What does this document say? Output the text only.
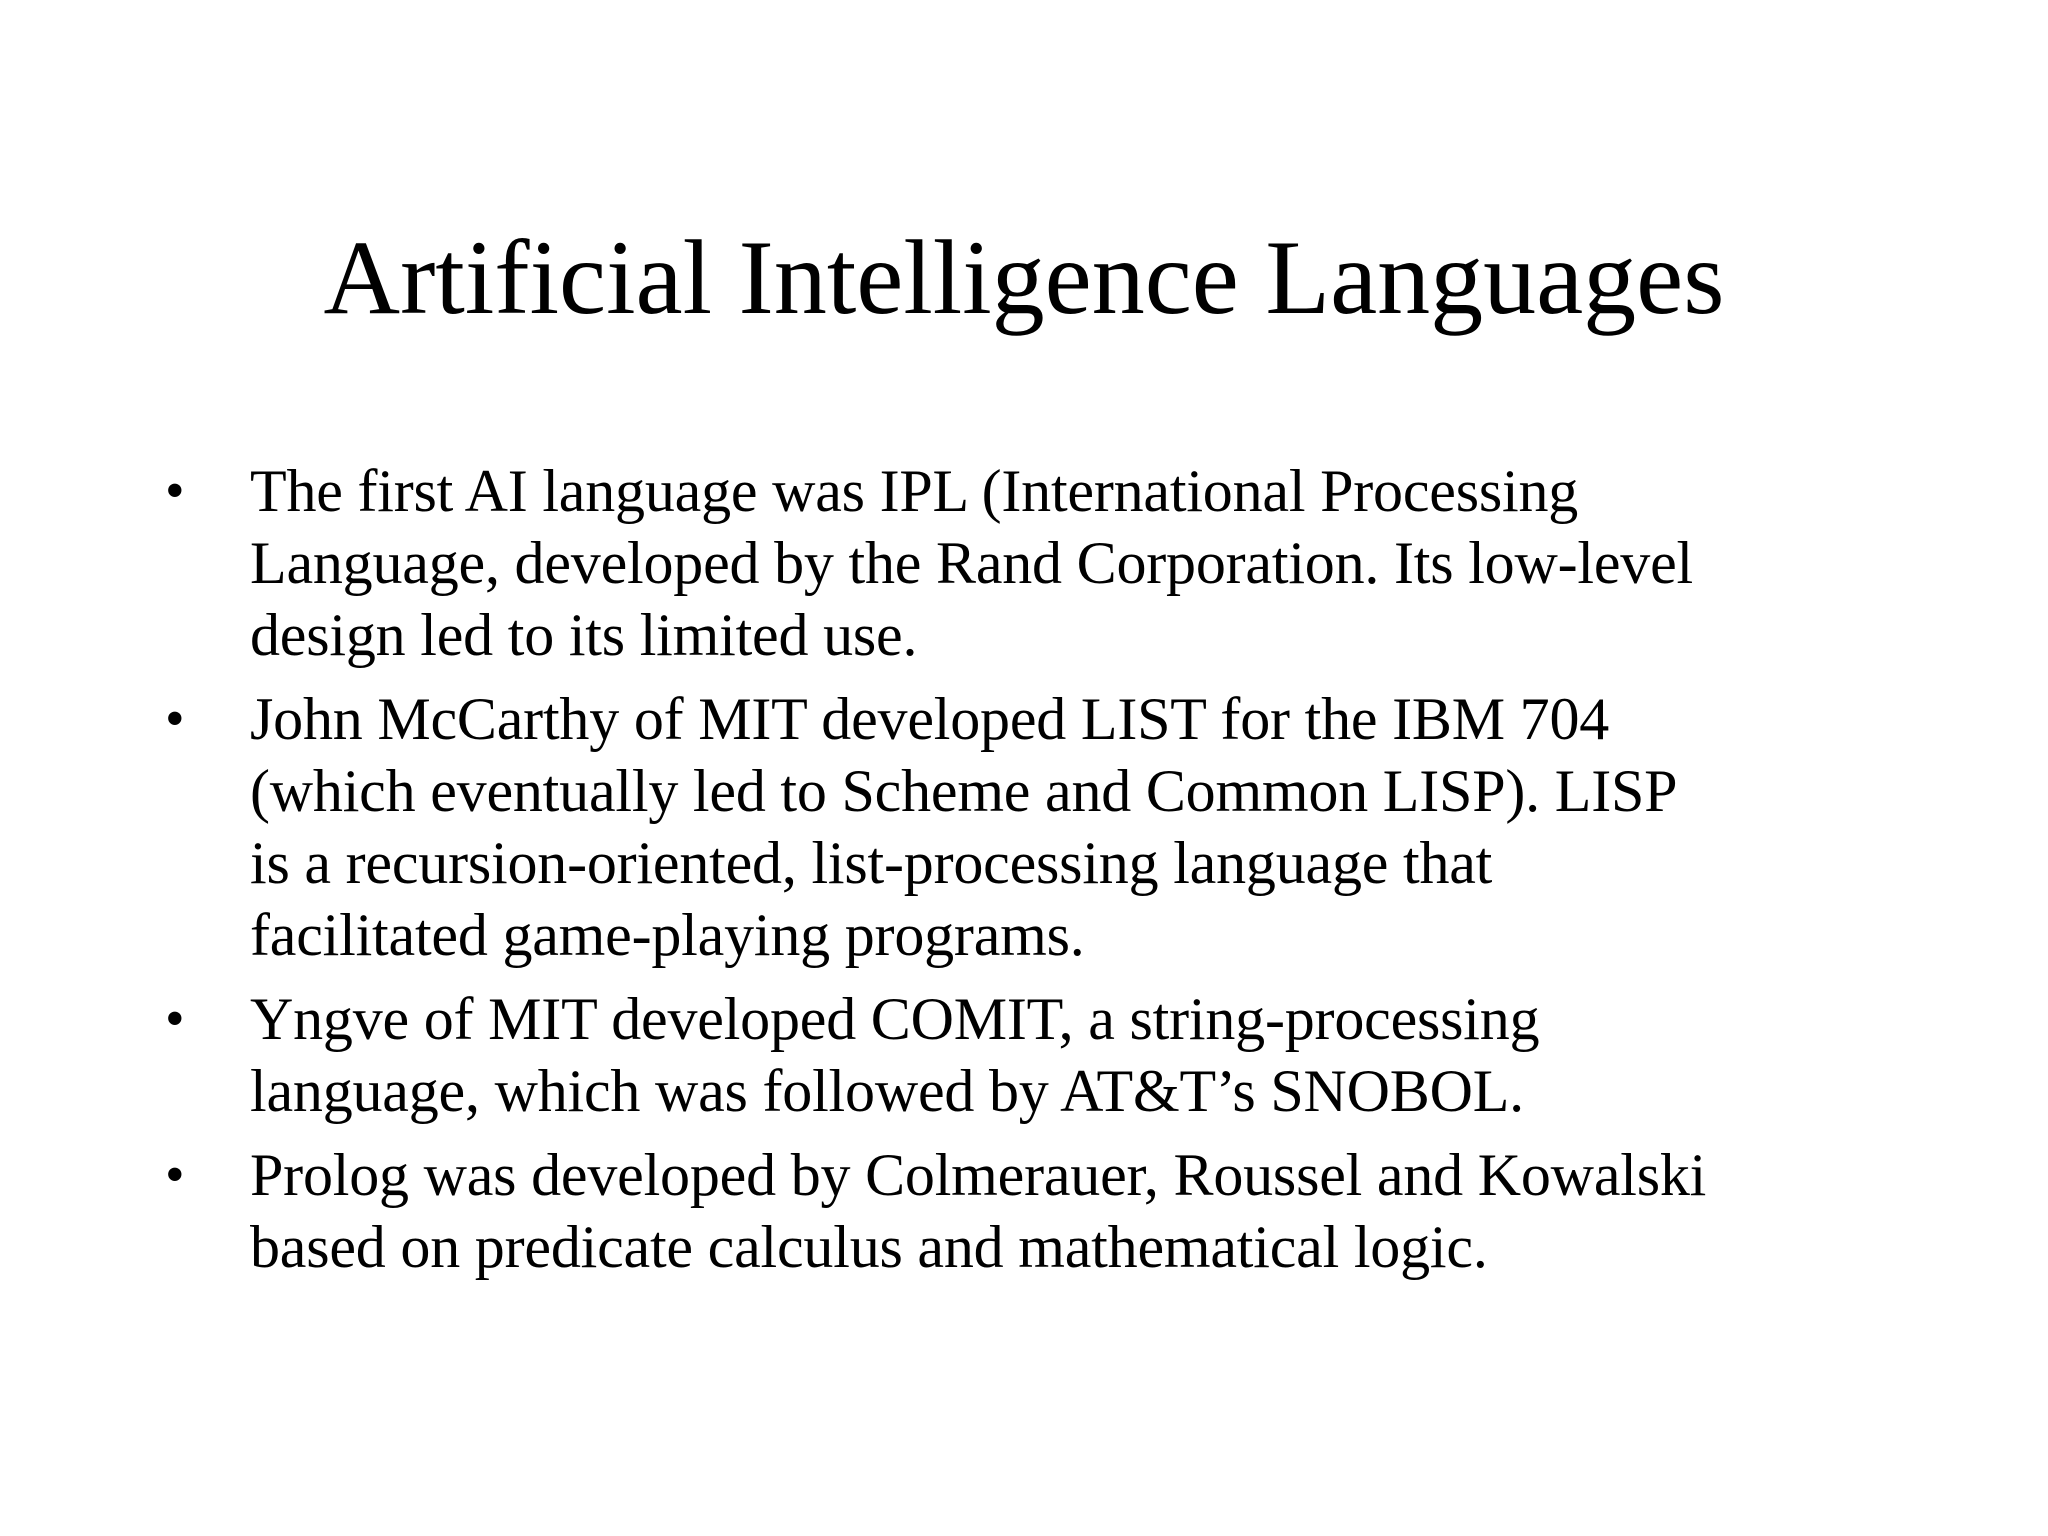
Artificial Intelligence Languages
•	The first AI language was IPL (International Processing
Language, developed by the Rand Corporation. Its low-level
design led to its limited use.
•	John McCarthy of MIT developed LIST for the IBM 704
(which eventually led to Scheme and Common LISP). LISP
is a recursion-oriented, list-processing language that
facilitated game-playing programs.
•	Yngve of MIT developed COMIT, a string-processing
language, which was followed by AT&T’s SNOBOL.
•	Prolog was developed by Colmerauer, Roussel and Kowalski
based on predicate calculus and mathematical logic.
